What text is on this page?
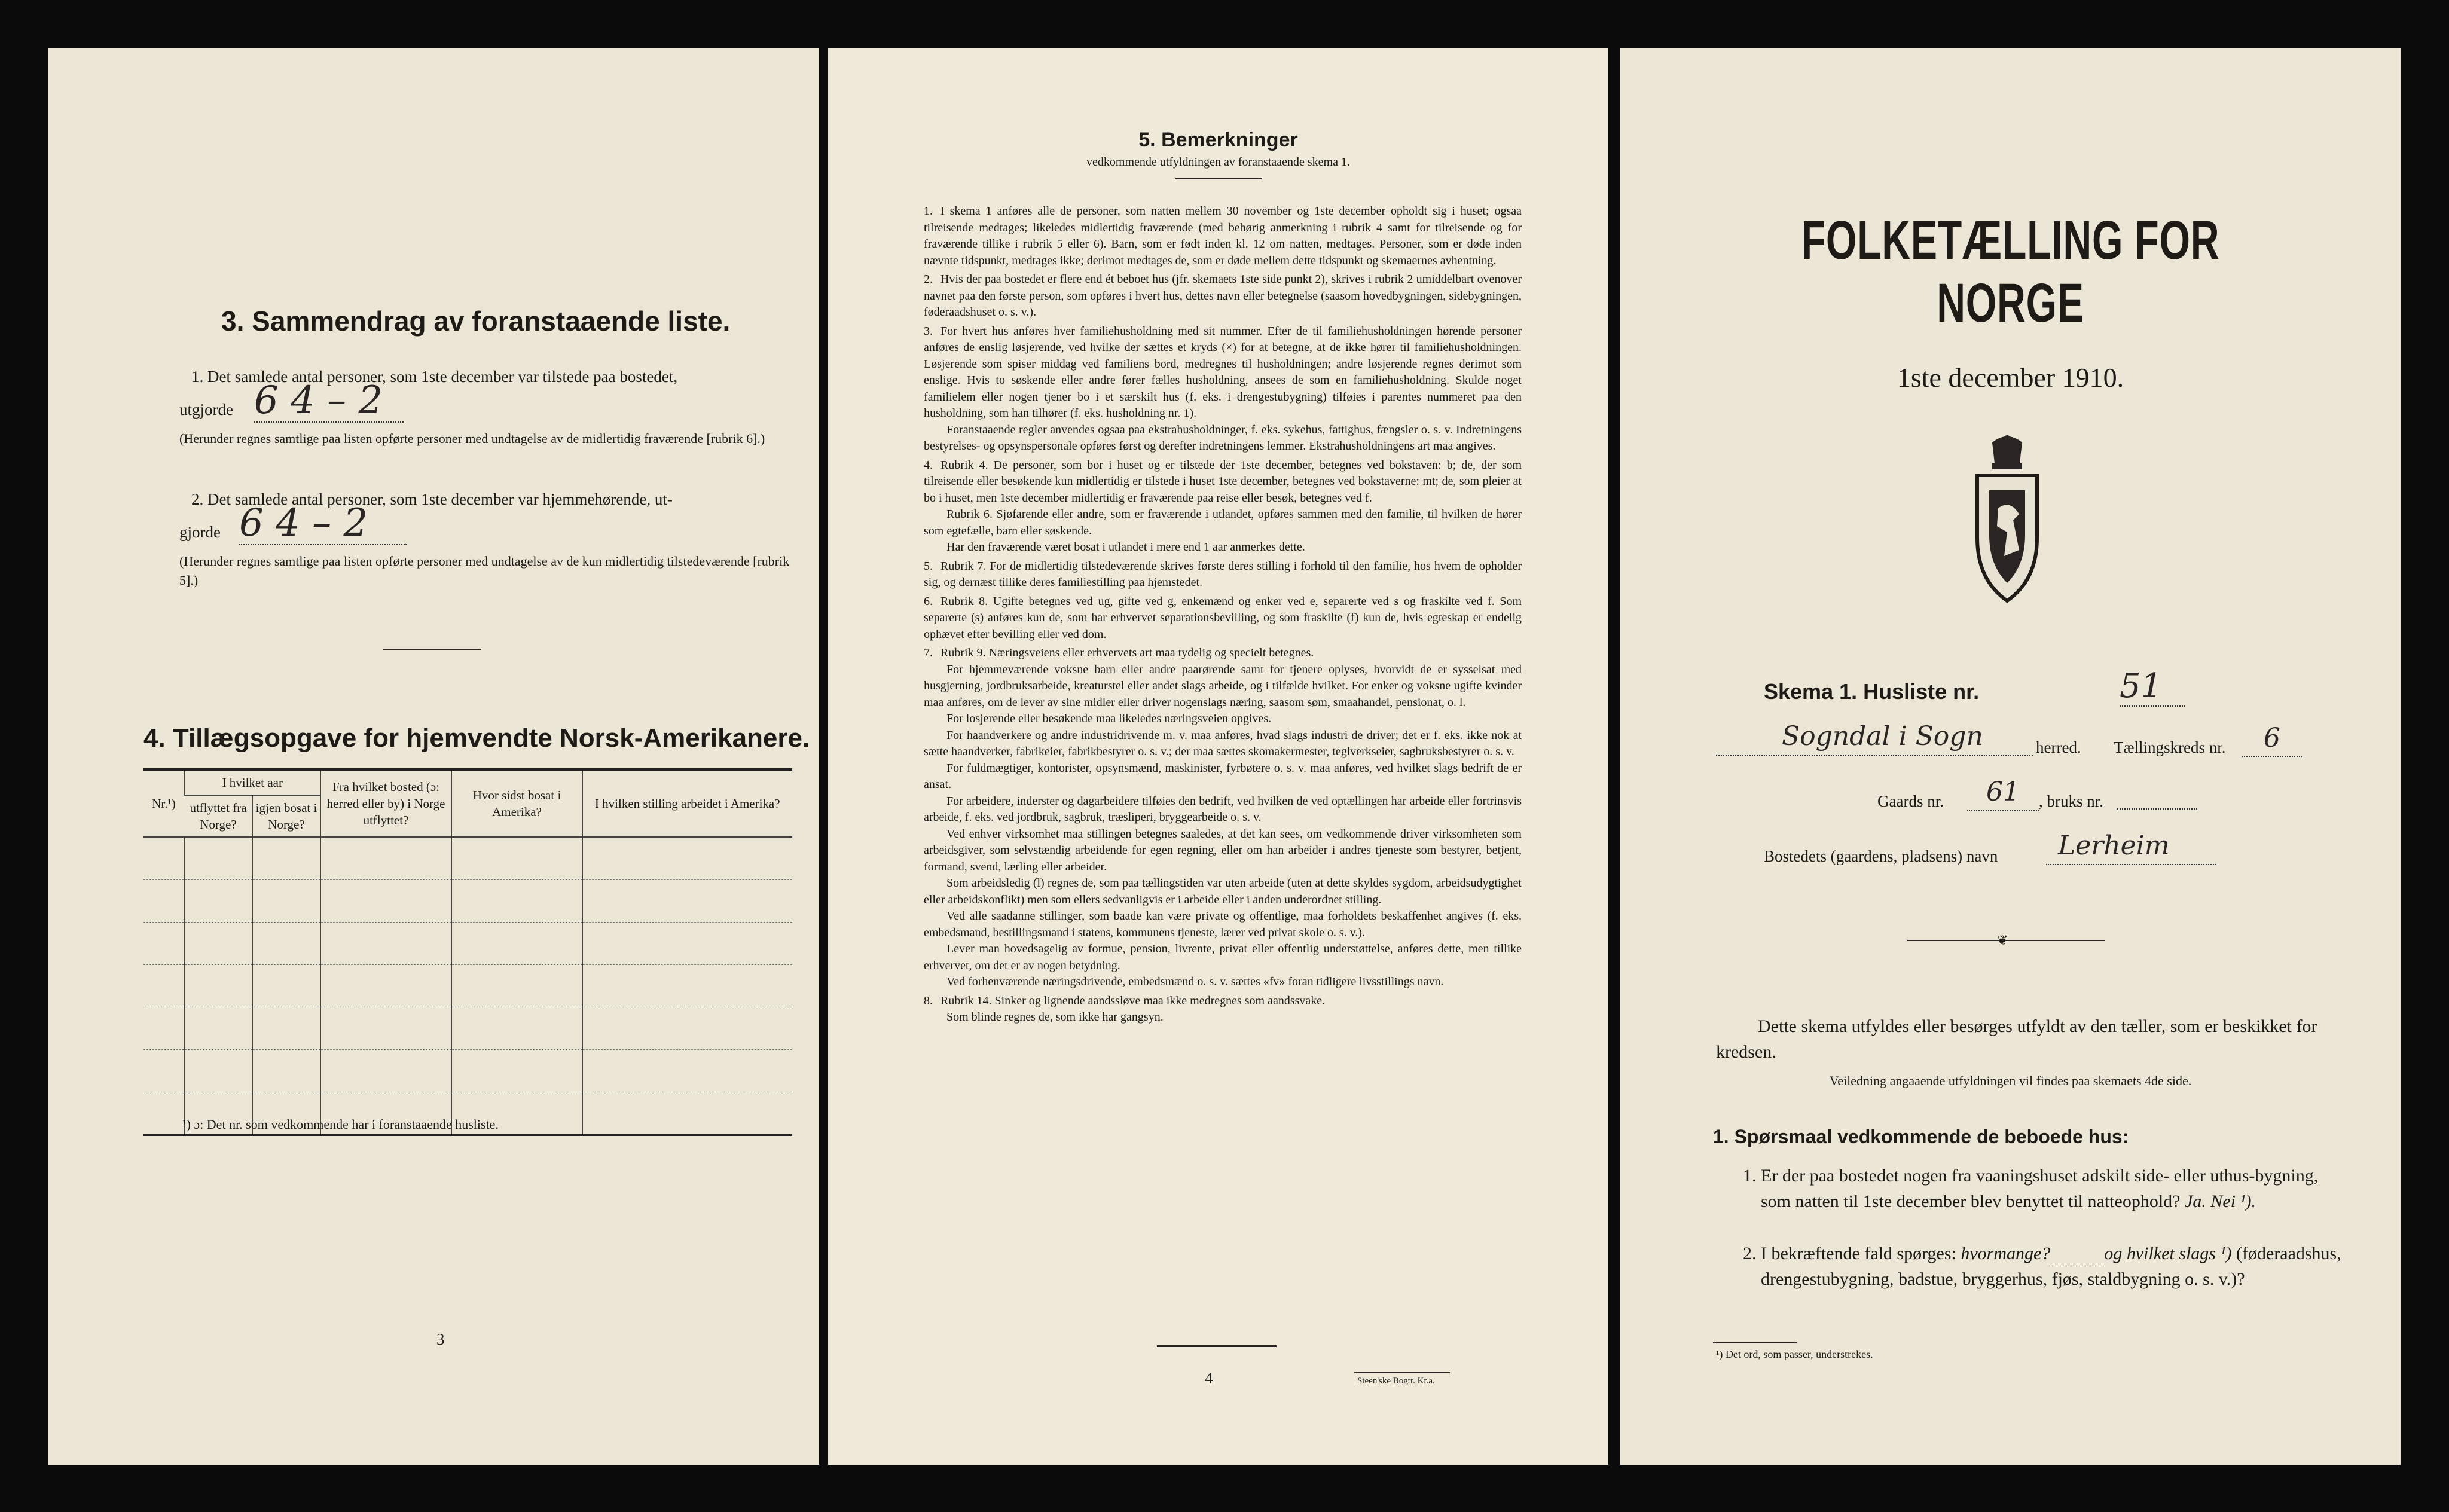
3. Sammendrag av foranstaaende liste.
1. Det samlede antal personer, som 1ste december var tilstede paa bostedet,
utgjorde 6 4 – 2
(Herunder regnes samtlige paa listen opførte personer med undtagelse av de midlertidig fraværende [rubrik 6].)
2. Det samlede antal personer, som 1ste december var hjemmehørende, ut-
gjorde 6 4 – 2
(Herunder regnes samtlige paa listen opførte personer med undtagelse av de kun midlertidig tilstedeværende [rubrik 5].)
4. Tillægsopgave for hjemvendte Norsk-Amerikanere.
Nr.¹)	I hvilket aar		Fra hvilket bosted (ɔ: herred eller by) i Norge utflyttet?	Hvor sidst bosat i Amerika?	I hvilken stilling arbeidet i Amerika?
	utflyttet fra Norge?	igjen bosat i Norge?			

¹) ɔ: Det nr. som vedkommende har i foranstaaende husliste.
3
5. Bemerkninger
vedkommende utfyldningen av foranstaaende skema 1.

1. I skema 1 anføres alle de personer, som natten mellem 30 november og 1ste december opholdt sig i huset; ogsaa tilreisende medtages; likeledes midlertidig fraværende (med behørig anmerkning i rubrik 4 samt for tilreisende og for fraværende tillike i rubrik 5 eller 6). Barn, som er født inden kl. 12 om natten, medtages. Personer, som er døde inden nævnte tidspunkt, medtages ikke; derimot medtages de, som er døde mellem dette tidspunkt og skemaernes avhentning.

2. Hvis der paa bostedet er flere end ét beboet hus (jfr. skemaets 1ste side punkt 2), skrives i rubrik 2 umiddelbart ovenover navnet paa den første person, som opføres i hvert hus, dettes navn eller betegnelse (saasom hovedbygningen, sidebygningen, føderaadshuset o. s. v.).

3. For hvert hus anføres hver familiehusholdning med sit nummer. Efter de til familiehusholdningen hørende personer anføres de enslig løsjerende, ved hvilke der sættes et kryds (×) for at betegne, at de ikke hører til familiehusholdningen. Løsjerende som spiser middag ved familiens bord, medregnes til husholdningen; andre løsjerende regnes derimot som enslige. Hvis to søskende eller andre fører fælles husholdning, ansees de som en familiehusholdning. Skulde noget familielem eller nogen tjener bo i et særskilt hus (f. eks. i drengestubygning) tilføies i parentes nummeret paa den husholdning, som han tilhører (f. eks. husholdning nr. 1).

Foranstaaende regler anvendes ogsaa paa ekstrahusholdninger, f. eks. sykehus, fattighus, fængsler o. s. v. Indretningens bestyrelses- og opsynspersonale opføres først og derefter indretningens lemmer. Ekstrahusholdningens art maa angives.

4. Rubrik 4. De personer, som bor i huset og er tilstede der 1ste december, betegnes ved bokstaven: b; de, der som tilreisende eller besøkende kun midlertidig er tilstede i huset 1ste december, betegnes ved bokstaverne: mt; de, som pleier at bo i huset, men 1ste december midlertidig er fraværende paa reise eller besøk, betegnes ved f.

Rubrik 6. Sjøfarende eller andre, som er fraværende i utlandet, opføres sammen med den familie, til hvilken de hører som egtefælle, barn eller søskende.

Har den fraværende været bosat i utlandet i mere end 1 aar anmerkes dette.

5. Rubrik 7. For de midlertidig tilstedeværende skrives første deres stilling i forhold til den familie, hos hvem de opholder sig, og dernæst tillike deres familiestilling paa hjemstedet.

6. Rubrik 8. Ugifte betegnes ved ug, gifte ved g, enkemænd og enker ved e, separerte ved s og fraskilte ved f. Som separerte (s) anføres kun de, som har erhvervet separationsbevilling, og som fraskilte (f) kun de, hvis egteskap er endelig ophævet efter bevilling eller ved dom.

7. Rubrik 9. Næringsveiens eller erhvervets art maa tydelig og specielt betegnes.

For hjemmeværende voksne barn eller andre paarørende samt for tjenere oplyses, hvorvidt de er sysselsat med husgjerning, jordbruksarbeide, kreaturstel eller andet slags arbeide, og i tilfælde hvilket. For enker og voksne ugifte kvinder maa anføres, om de lever av sine midler eller driver nogenslags næring, saasom søm, smaahandel, pensionat, o. l.

For losjerende eller besøkende maa likeledes næringsveien opgives.

For haandverkere og andre industridrivende m. v. maa anføres, hvad slags industri de driver; det er f. eks. ikke nok at sætte haandverker, fabrikeier, fabrikbestyrer o. s. v.; der maa sættes skomakermester, teglverkseier, sagbruksbestyrer o. s. v.

For fuldmægtiger, kontorister, opsynsmænd, maskinister, fyrbøtere o. s. v. maa anføres, ved hvilket slags bedrift de er ansat.

For arbeidere, inderster og dagarbeidere tilføies den bedrift, ved hvilken de ved optællingen har arbeide eller fortrinsvis arbeide, f. eks. ved jordbruk, sagbruk, træsliperi, bryggearbeide o. s. v.

Ved enhver virksomhet maa stillingen betegnes saaledes, at det kan sees, om vedkommende driver virksomheten som arbeidsgiver, som selvstændig arbeidende for egen regning, eller om han arbeider i andres tjeneste som bestyrer, betjent, formand, svend, lærling eller arbeider.

Som arbeidsledig (l) regnes de, som paa tællingstiden var uten arbeide (uten at dette skyldes sygdom, arbeidsudygtighet eller arbeidskonflikt) men som ellers sedvanligvis er i arbeide eller i anden underordnet stilling.

Ved alle saadanne stillinger, som baade kan være private og offentlige, maa forholdets beskaffenhet angives (f. eks. embedsmand, bestillingsmand i statens, kommunens tjeneste, lærer ved privat skole o. s. v.).

Lever man hovedsagelig av formue, pension, livrente, privat eller offentlig understøttelse, anføres dette, men tillike erhvervet, om det er av nogen betydning.

Ved forhenværende næringsdrivende, embedsmænd o. s. v. sættes «fv» foran tidligere livsstillings navn.

8. Rubrik 14. Sinker og lignende aandssløve maa ikke medregnes som aandssvake.

Som blinde regnes de, som ikke har gangsyn.

4	Steen'ske Bogtr. Kr.a.
FOLKETÆLLING FOR NORGE
1ste december 1910.
Skema 1. Husliste nr.	51
Sogndal i Sogn	herred. Tællingskreds nr.	6
Gaards nr.	61	, bruks nr.
Bostedets (gaardens, pladsens) navn	Lerheim
❦
Dette skema utfyldes eller besørges utfyldt av den tæller, som er beskikket for kredsen.
Veiledning angaaende utfyldningen vil findes paa skemaets 4de side.
1. Spørsmaal vedkommende de beboede hus:
1. Er der paa bostedet nogen fra vaaningshuset adskilt side- eller uthus-bygning, som natten til 1ste december blev benyttet til natteophold? Ja. Nei ¹).
2. I bekræftende fald spørges: hvormange?	og hvilket slags ¹) (føderaadshus, drengestubygning, badstue, bryggerhus, fjøs, staldbygning o. s. v.)?
¹) Det ord, som passer, understrekes.
